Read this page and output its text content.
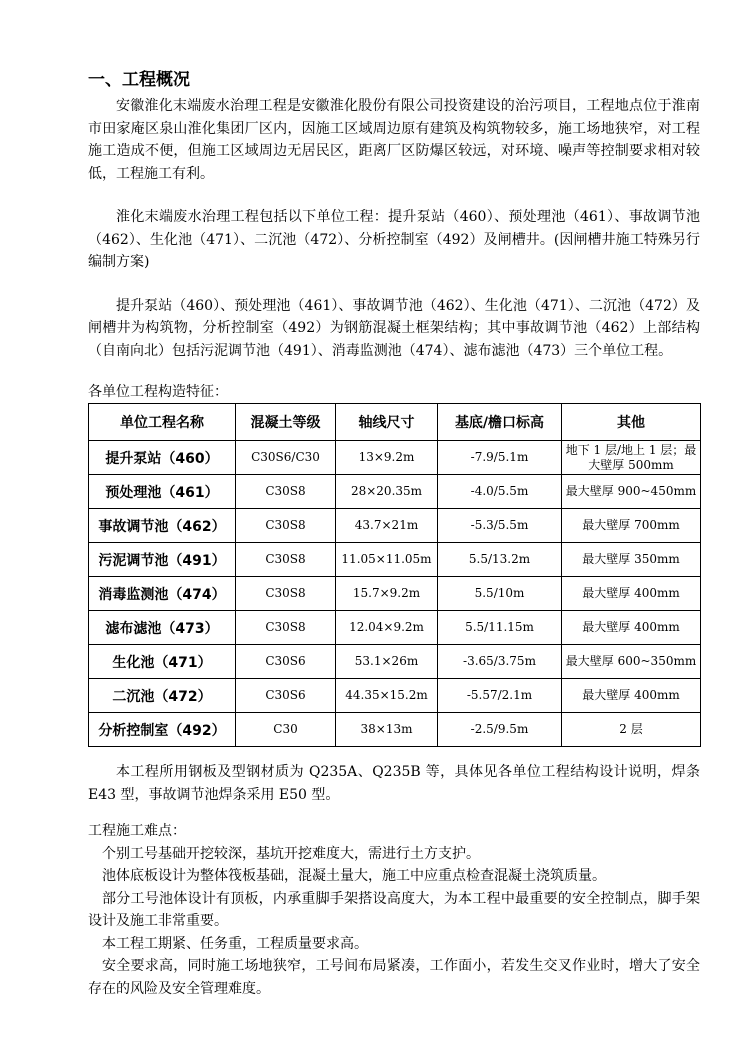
一、工程概况

安徽淮化末端废水治理工程是安徽淮化股份有限公司投资建设的治污项目，工程地点位于淮南市田家庵区泉山淮化集团厂区内，因施工区域周边原有建筑及构筑物较多，施工场地狭窄，对工程施工造成不便，但施工区域周边无居民区，距离厂区防爆区较远，对环境、噪声等控制要求相对较低，工程施工有利。

淮化末端废水治理工程包括以下单位工程：提升泵站（460）、预处理池（461）、事故调节池（462）、生化池（471）、二沉池（472）、分析控制室（492）及闸槽井。(因闸槽井施工特殊另行编制方案)

提升泵站（460）、预处理池（461）、事故调节池（462）、生化池（471）、二沉池（472）及闸槽井为构筑物，分析控制室（492）为钢筋混凝土框架结构；其中事故调节池（462）上部结构（自南向北）包括污泥调节池（491）、消毒监测池（474）、滤布滤池（473）三个单位工程。

各单位工程构造特征：

单位工程名称	混凝土等级	轴线尺寸	基底/檐口标高	其他
提升泵站（460）	C30S6/C30	13×9.2m	-7.9/5.1m	地下 1 层/地上 1 层；最大壁厚 500mm
预处理池（461）	C30S8	28×20.35m	-4.0/5.5m	最大壁厚 900~450mm
事故调节池（462）	C30S8	43.7×21m	-5.3/5.5m	最大壁厚 700mm
污泥调节池（491）	C30S8	11.05×11.05m	5.5/13.2m	最大壁厚 350mm
消毒监测池（474）	C30S8	15.7×9.2m	5.5/10m	最大壁厚 400mm
滤布滤池（473）	C30S8	12.04×9.2m	5.5/11.15m	最大壁厚 400mm
生化池（471）	C30S6	53.1×26m	-3.65/3.75m	最大壁厚 600~350mm
二沉池（472）	C30S6	44.35×15.2m	-5.57/2.1m	最大壁厚 400mm
分析控制室（492）	C30	38×13m	-2.5/9.5m	2 层

本工程所用钢板及型钢材质为 Q235A、Q235B 等，具体见各单位工程结构设计说明，焊条 E43 型，事故调节池焊条采用 E50 型。

工程施工难点：

个别工号基础开挖较深，基坑开挖难度大，需进行土方支护。

池体底板设计为整体筏板基础，混凝土量大，施工中应重点检查混凝土浇筑质量。

部分工号池体设计有顶板，内承重脚手架搭设高度大，为本工程中最重要的安全控制点，脚手架设计及施工非常重要。

本工程工期紧、任务重，工程质量要求高。

安全要求高，同时施工场地狭窄，工号间布局紧凑，工作面小，若发生交叉作业时，增大了安全存在的风险及安全管理难度。
